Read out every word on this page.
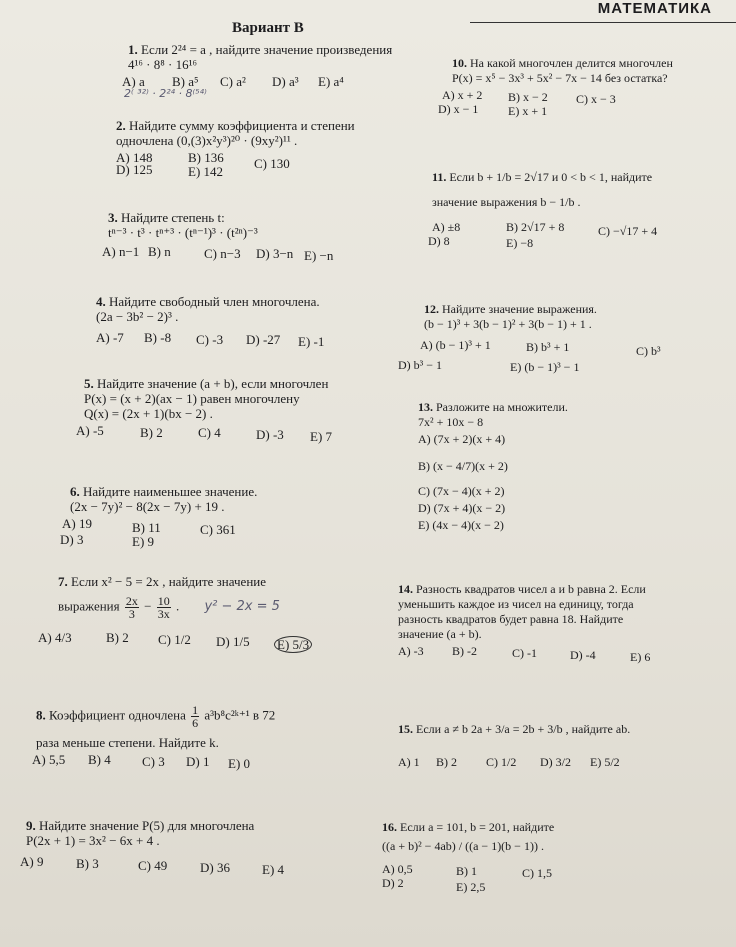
МАТЕМАТИКА
Вариант В
1. Если 2²⁴ = a , найдите значение произведения
4¹⁶ · 8⁸ · 16¹⁶
A) a B) a⁵ C) a² D) a³ E) a⁴
2⁽ ³²⁾ · 2²⁴ · 8⁽⁵⁴⁾
2. Найдите сумму коэффициента и степени
одночлена (0,(3)x²y³)²⁰ · (9xy²)¹¹ .
A) 148	B) 136 C) 130
D) 125	E) 142
3. Найдите степень t:
tⁿ⁻³ · t³ · tⁿ⁺³ · (tⁿ⁻¹)³ · (t²ⁿ)⁻³
A) n−1 B) n	C) n−3 D) 3−n E) −n
4. Найдите свободный член многочлена.
(2a − 3b² − 2)³ .
A) -7 B) -8 C) -3 D) -27 E) -1
5. Найдите значение (a + b), если многочлен
P(x) = (x + 2)(ax − 1) равен многочлену
Q(x) = (2x + 1)(bx − 2) .
A) -5	B) 2	C) 4	D) -3 E) 7
6. Найдите наименьшее значение.
(2x − 7y)² − 8(2x − 7y) + 19 .
A) 19	B) 11	C) 361
D) 3	E) 9
7. Если x² − 5 = 2x , найдите значение
выражения $\frac{2x}{3} - \frac{10}{3x}$ . y² − 2x = 5
A) 4/3	B) 2 C) 1/2 D) 1/5 E) 5/3
8. Коэффициент одночлена $\frac{1}{6}$ a³b⁸c²ᵏ⁺¹ в 72
раза меньше степени. Найдите k.
A) 5,5 B) 4 C) 3 D) 1 E) 0
9. Найдите значение P(5) для многочлена
P(2x + 1) = 3x² − 6x + 4 .
A) 9	B) 3	C) 49	D) 36 E) 4
10. На какой многочлен делится многочлен
P(x) = x⁵ − 3x³ + 5x² − 7x − 14 без остатка?
A) x + 2 B) x − 2 C) x − 3
D) x − 1 E) x + 1
11. Если b + 1/b = 2√17 и 0 < b < 1, найдите
значение выражения b − 1/b .
A) ±8	B) 2√17 + 8	C) −√17 + 4
D) 8	E) −8
12. Найдите значение выражения.
(b − 1)³ + 3(b − 1)² + 3(b − 1) + 1 .
A) (b − 1)³ + 1	B) b³ + 1	C) b³
D) b³ − 1	E) (b − 1)³ − 1
13. Разложите на множители.
7x² + 10x − 8
A) (7x + 2)(x + 4)
B) (x − 4/7)(x + 2)
C) (7x − 4)(x + 2)
D) (7x + 4)(x − 2)
E) (4x − 4)(x − 2)
14. Разность квадратов чисел a и b равна 2. Если
уменьшить каждое из чисел на единицу, тогда
разность квадратов будет равна 18. Найдите
значение (a + b).
A) -3 B) -2	C) -1	D) -4	E) 6
15. Если a ≠ b 2a + 3/a = 2b + 3/b , найдите ab.
A) 1 B) 2 C) 1/2 D) 3/2 E) 5/2
16. Если a = 101, b = 201, найдите
((a + b)² − 4ab) / ((a − 1)(b − 1)) .
A) 0,5	B) 1	C) 1,5
D) 2	E) 2,5
